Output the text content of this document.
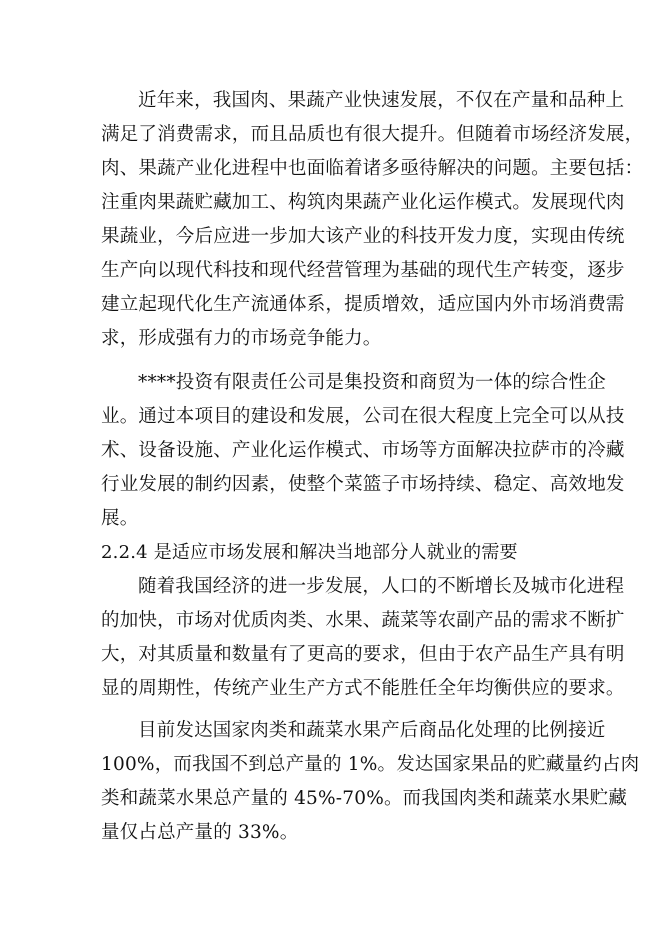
近年来，我国肉、果蔬产业快速发展，不仅在产量和品种上
满足了消费需求，而且品质也有很大提升。但随着市场经济发展，
肉、果蔬产业化进程中也面临着诸多亟待解决的问题。主要包括：
注重肉果蔬贮藏加工、构筑肉果蔬产业化运作模式。发展现代肉
果蔬业，今后应进一步加大该产业的科技开发力度，实现由传统
生产向以现代科技和现代经营管理为基础的现代生产转变，逐步
建立起现代化生产流通体系，提质增效，适应国内外市场消费需
求，形成强有力的市场竞争能力。
****投资有限责任公司是集投资和商贸为一体的综合性企
业。通过本项目的建设和发展，公司在很大程度上完全可以从技
术、设备设施、产业化运作模式、市场等方面解决拉萨市的冷藏
行业发展的制约因素，使整个菜篮子市场持续、稳定、高效地发
展。
2.2.4 是适应市场发展和解决当地部分人就业的需要
随着我国经济的进一步发展，人口的不断增长及城市化进程
的加快，市场对优质肉类、水果、蔬菜等农副产品的需求不断扩
大，对其质量和数量有了更高的要求，但由于农产品生产具有明
显的周期性，传统产业生产方式不能胜任全年均衡供应的要求。
目前发达国家肉类和蔬菜水果产后商品化处理的比例接近
100%，而我国不到总产量的 1%。发达国家果品的贮藏量约占肉
类和蔬菜水果总产量的 45%-70%。而我国肉类和蔬菜水果贮藏
量仅占总产量的 33%。
